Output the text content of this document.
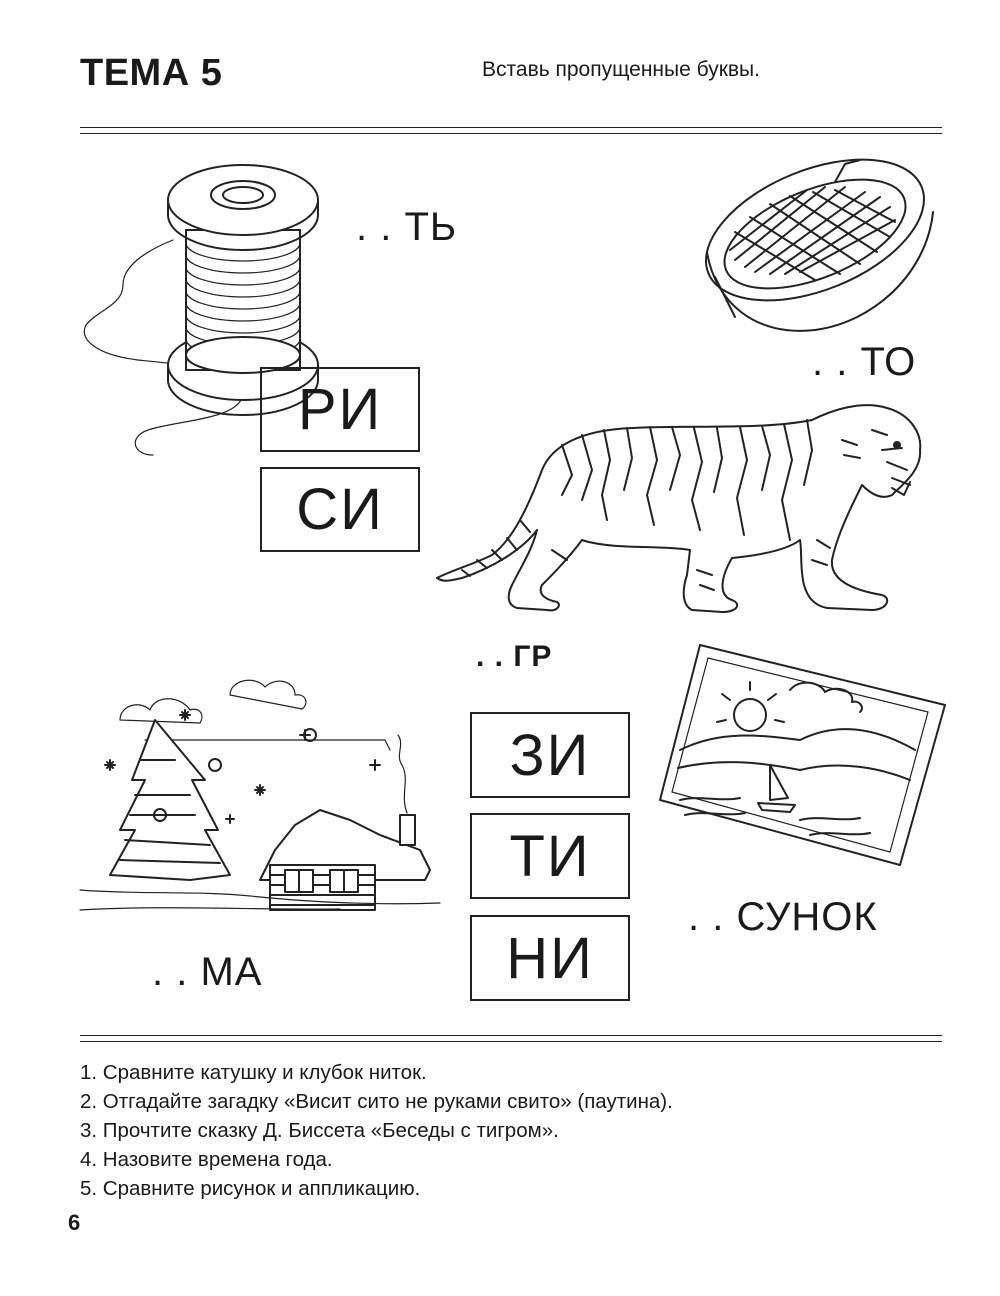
ТЕМА 5	Вставь пропущенные буквы.
. . ТЬ
. . ТО
РИ
СИ
. . ГР
. . МА
ЗИ
ТИ
НИ
. . СУНОК
1. Сравните катушку и клубок ниток.
2. Отгадайте загадку «Висит сито не руками свито» (паутина).
3. Прочтите сказку Д. Биссета «Беседы с тигром».
4. Назовите времена года.
5. Сравните рисунок и аппликацию.
6
